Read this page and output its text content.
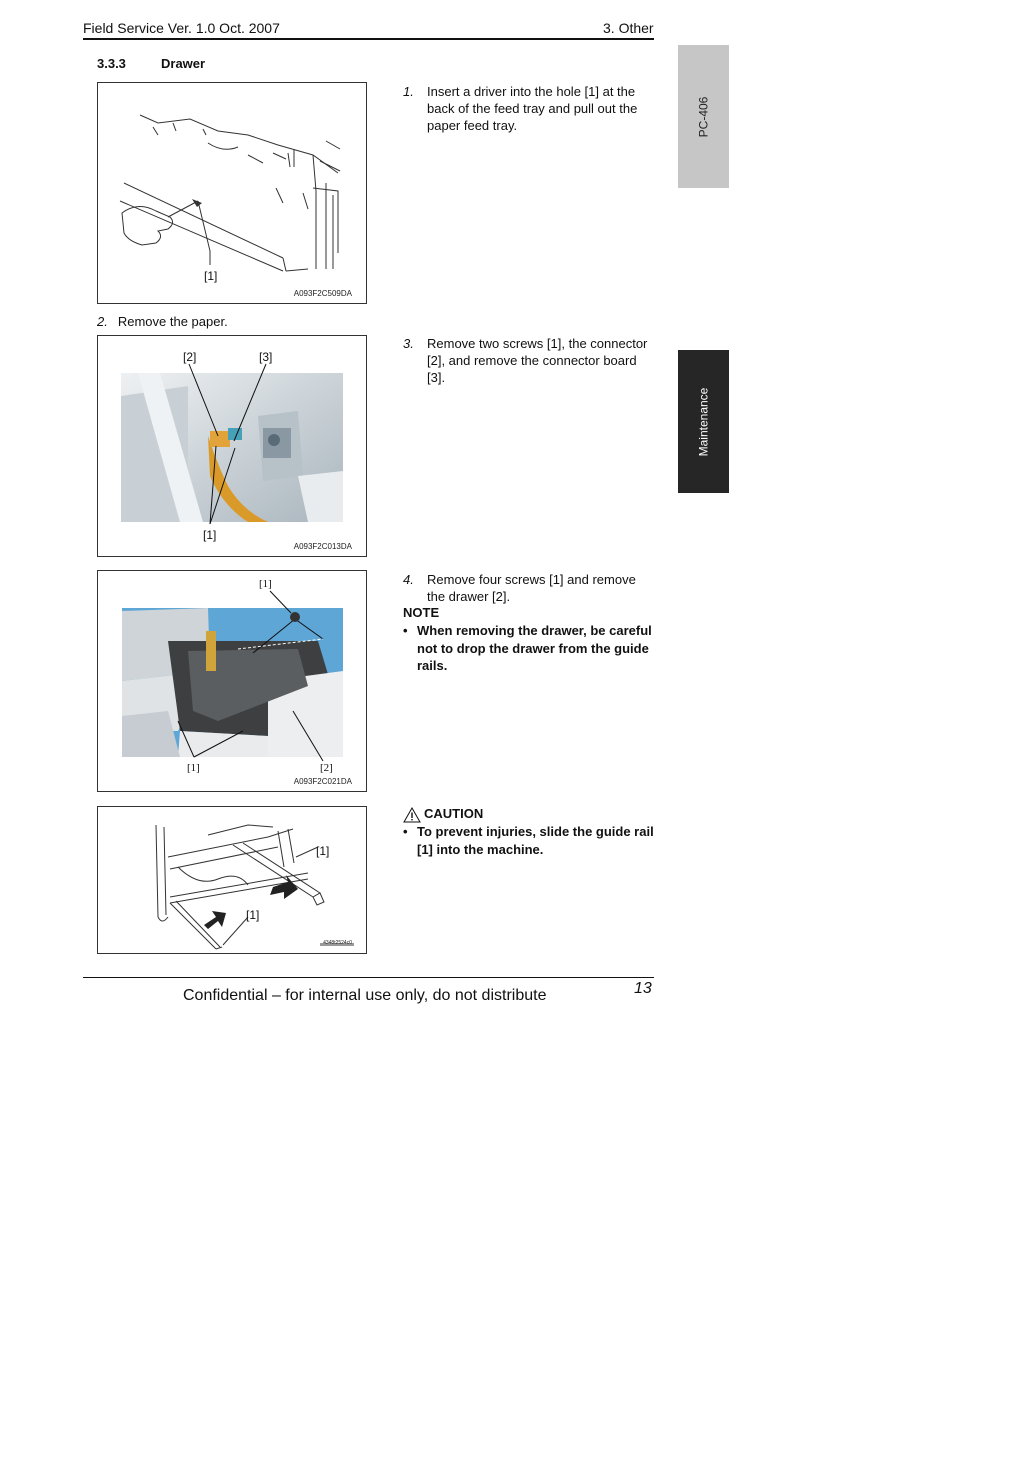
Field Service Ver. 1.0 Oct. 2007	3. Other
3.3.3	Drawer
PC-406
Maintenance
[1]
A093F2C509DA
1. Insert a driver into the hole [1] at the back of the feed tray and pull out the paper feed tray.
2. Remove the paper.
[2]	[3]
[1]
A093F2C013DA
3. Remove two screws [1], the connector [2], and remove the connector board [3].
[1]
[1]	[2]
A093F2C021DA
4. Remove four screws [1] and remove the drawer [2].
NOTE
• When removing the drawer, be careful not to drop the drawer from the guide rails.
[1]
[1]
4348t2524c0
CAUTION
• To prevent injuries, slide the guide rail [1] into the machine.
Confidential – for internal use only, do not distribute	13
